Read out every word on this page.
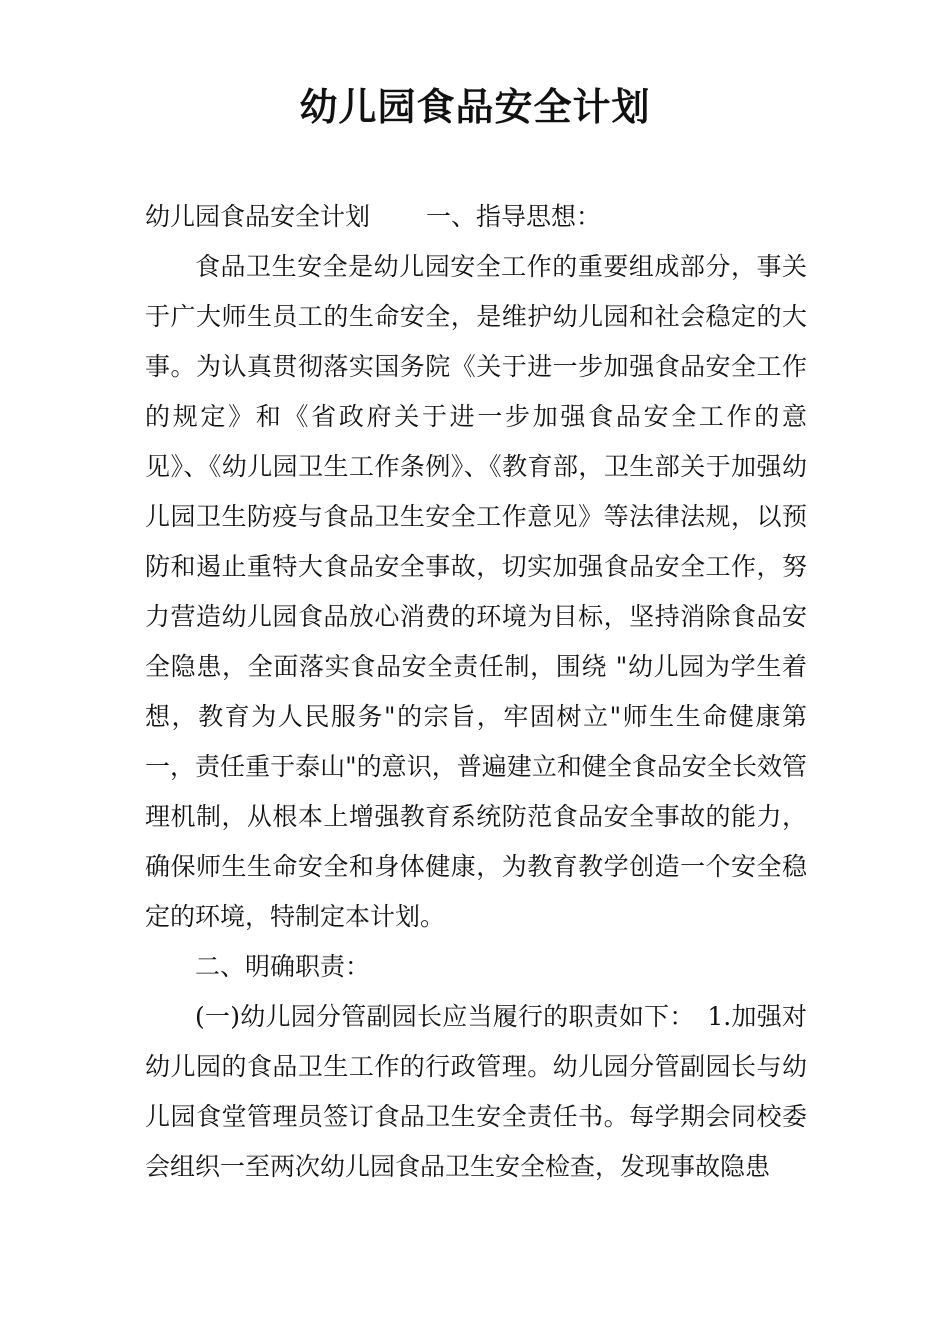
幼儿园食品安全计划

幼儿园食品安全计划 一、指导思想：

食品卫生安全是幼儿园安全工作的重要组成部分，事关于广大师生员工的生命安全，是维护幼儿园和社会稳定的大事。为认真贯彻落实国务院《关于进一步加强食品安全工作的规定》和《省政府关于进一步加强食品安全工作的意见》、《幼儿园卫生工作条例》、《教育部，卫生部关于加强幼儿园卫生防疫与食品卫生安全工作意见》等法律法规，以预防和遏止重特大食品安全事故，切实加强食品安全工作，努力营造幼儿园食品放心消费的环境为目标，坚持消除食品安全隐患，全面落实食品安全责任制，围绕 "幼儿园为学生着想，教育为人民服务"的宗旨，牢固树立"师生生命健康第一，责任重于泰山"的意识，普遍建立和健全食品安全长效管理机制，从根本上增强教育系统防范食品安全事故的能力，确保师生生命安全和身体健康，为教育教学创造一个安全稳定的环境，特制定本计划。

二、明确职责：

(一)幼儿园分管副园长应当履行的职责如下：　1.加强对幼儿园的食品卫生工作的行政管理。幼儿园分管副园长与幼儿园食堂管理员签订食品卫生安全责任书。每学期会同校委会组织一至两次幼儿园食品卫生安全检查，发现事故隐患
